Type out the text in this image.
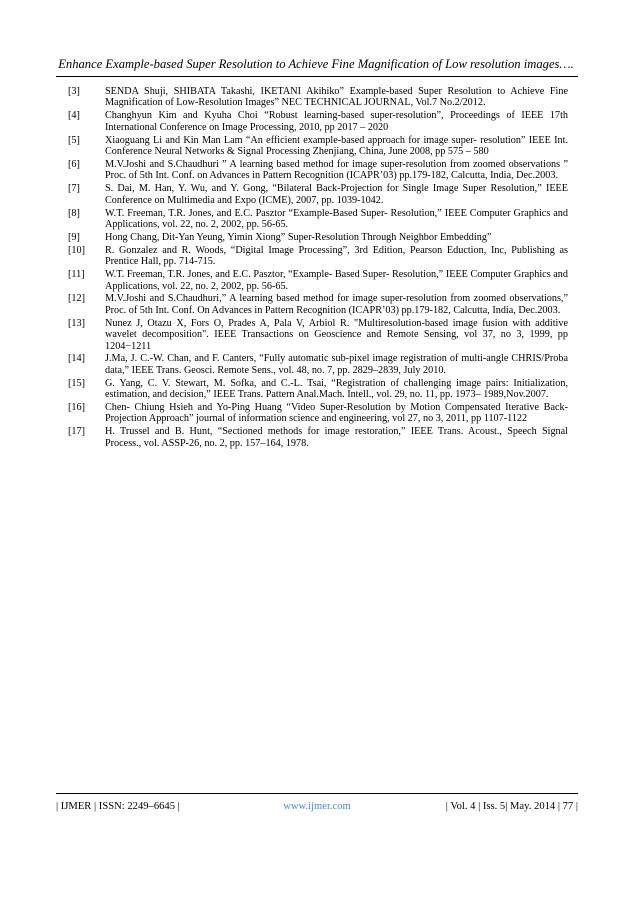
Enhance Example-based Super Resolution to Achieve Fine Magnification of Low resolution images….
[3]	SENDA Shuji, SHIBATA Takashi, IKETANI Akihiko” Example-based Super Resolution to Achieve Fine Magnification of Low-Resolution Images” NEC TECHNICAL JOURNAL, Vol.7 No.2/2012.
[4]	Changhyun Kim and Kyuha Choi “Robust learning-based super-resolution”, Proceedings of IEEE 17th International Conference on Image Processing, 2010, pp 2017 – 2020
[5]	Xiaoguang Li and Kin Man Lam “An efficient example-based approach for image super- resolution” IEEE Int. Conference Neural Networks & Signal Processing Zhenjiang, China, June 2008, pp 575 – 580
[6]	M.V.Joshi and S.Chaudhuri ” A learning based method for image super-resolution from zoomed observations ” Proc. of 5th Int. Conf. on Advances in Pattern Recognition (ICAPR’03) pp.179-182, Calcutta, India, Dec.2003.
[7]	S. Dai, M. Han, Y. Wu, and Y. Gong, “Bilateral Back-Projection for Single Image Super Resolution,” IEEE Conference on Multimedia and Expo (ICME), 2007, pp. 1039-1042.
[8]	W.T. Freeman, T.R. Jones, and E.C. Pasztor “Example-Based Super- Resolution,” IEEE Computer Graphics and Applications, vol. 22, no. 2, 2002, pp. 56-65.
[9]	Hong Chang, Dit-Yan Yeung, Yimin Xiong” Super-Resolution Through Neighbor Embedding”
[10]	R. Gonzalez and R. Woods, “Digital Image Processing”, 3rd Edition, Pearson Eduction, Inc, Publishing as Prentice Hall, pp. 714-715.
[11]	W.T. Freeman, T.R. Jones, and E.C. Pasztor, “Example- Based Super- Resolution,” IEEE Computer Graphics and Applications, vol. 22, no. 2, 2002, pp. 56-65.
[12]	M.V.Joshi and S.Chaudhuri,” A learning based method for image super-resolution from zoomed observations,” Proc. of 5th Int. Conf. On Advances in Pattern Recognition (ICAPR’03) pp.179-182, Calcutta, India, Dec.2003.
[13]	Nunez J, Otazu X, Fors O, Prades A, Pala V, Arbiol R. "Multiresolution-based image fusion with additive wavelet decomposition". IEEE Transactions on Geoscience and Remote Sensing, vol 37, no 3, 1999, pp 1204−1211
[14]	J.Ma, J. C.-W. Chan, and F. Canters, “Fully automatic sub-pixel image registration of multi-angle CHRIS/Proba data,” IEEE Trans. Geosci. Remote Sens., vol. 48, no. 7, pp. 2829–2839, July 2010.
[15]	G. Yang, C. V. Stewart, M. Sofka, and C.-L. Tsai, “Registration of challenging image pairs: Initialization, estimation, and decision,” IEEE Trans. Pattern Anal.Mach. Intell., vol. 29, no. 11, pp. 1973– 1989,Nov.2007.
[16]	Chen- Chiung Hsieh and Yo-Ping Huang “Video Super-Resolution by Motion Compensated Iterative Back-Projection Approach” journal of information science and engineering, vol 27, no 3, 2011, pp 1107-1122
[17]	H. Trussel and B. Hunt, “Sectioned methods for image restoration,” IEEE Trans. Acoust., Speech Signal Process., vol. ASSP-26, no. 2, pp. 157–164, 1978.
| IJMER | ISSN: 2249–6645 |	www.ijmer.com	| Vol. 4 | Iss. 5| May. 2014 | 77 |
